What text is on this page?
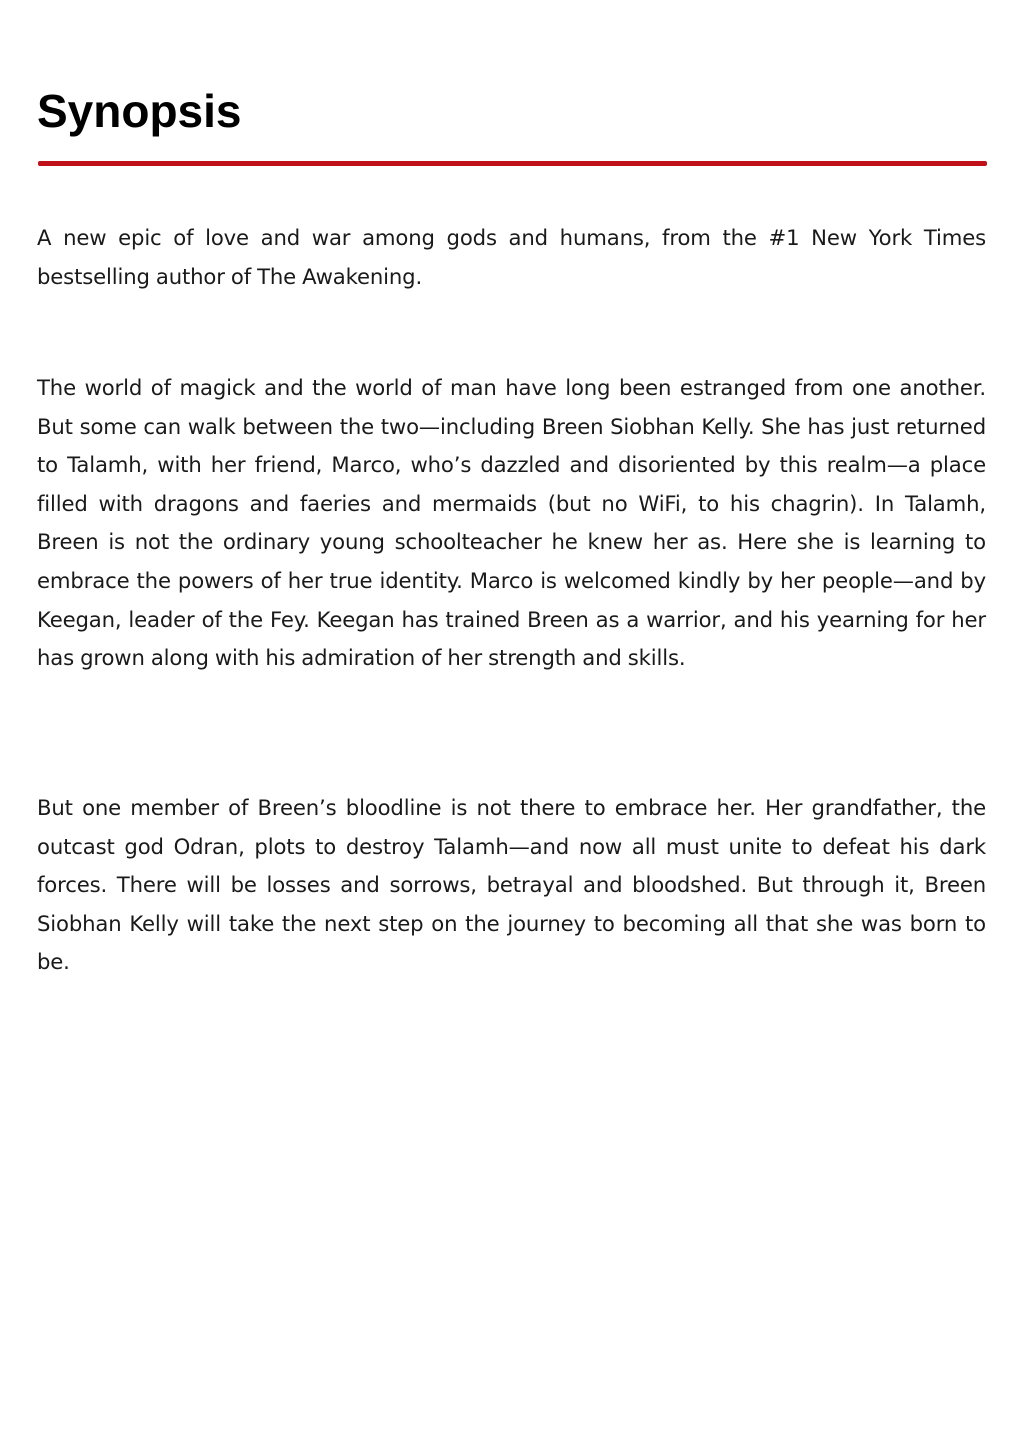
Synopsis

A new epic of love and war among gods and humans, from the #1 New York Times bestselling author of The Awakening.

The world of magick and the world of man have long been estranged from one another. But some can walk between the two—including Breen Siobhan Kelly. She has just returned to Talamh, with her friend, Marco, who’s dazzled and disoriented by this realm—a place filled with dragons and faeries and mermaids (but no WiFi, to his chagrin). In Talamh, Breen is not the ordinary young schoolteacher he knew her as. Here she is learning to embrace the powers of her true identity. Marco is welcomed kindly by her people—and by Keegan, leader of the Fey. Keegan has trained Breen as a warrior, and his yearning for her has grown along with his admiration of her strength and skills.

But one member of Breen’s bloodline is not there to embrace her. Her grandfather, the outcast god Odran, plots to destroy Talamh—and now all must unite to defeat his dark forces. There will be losses and sorrows, betrayal and bloodshed. But through it, Breen Siobhan Kelly will take the next step on the journey to becoming all that she was born to be.
